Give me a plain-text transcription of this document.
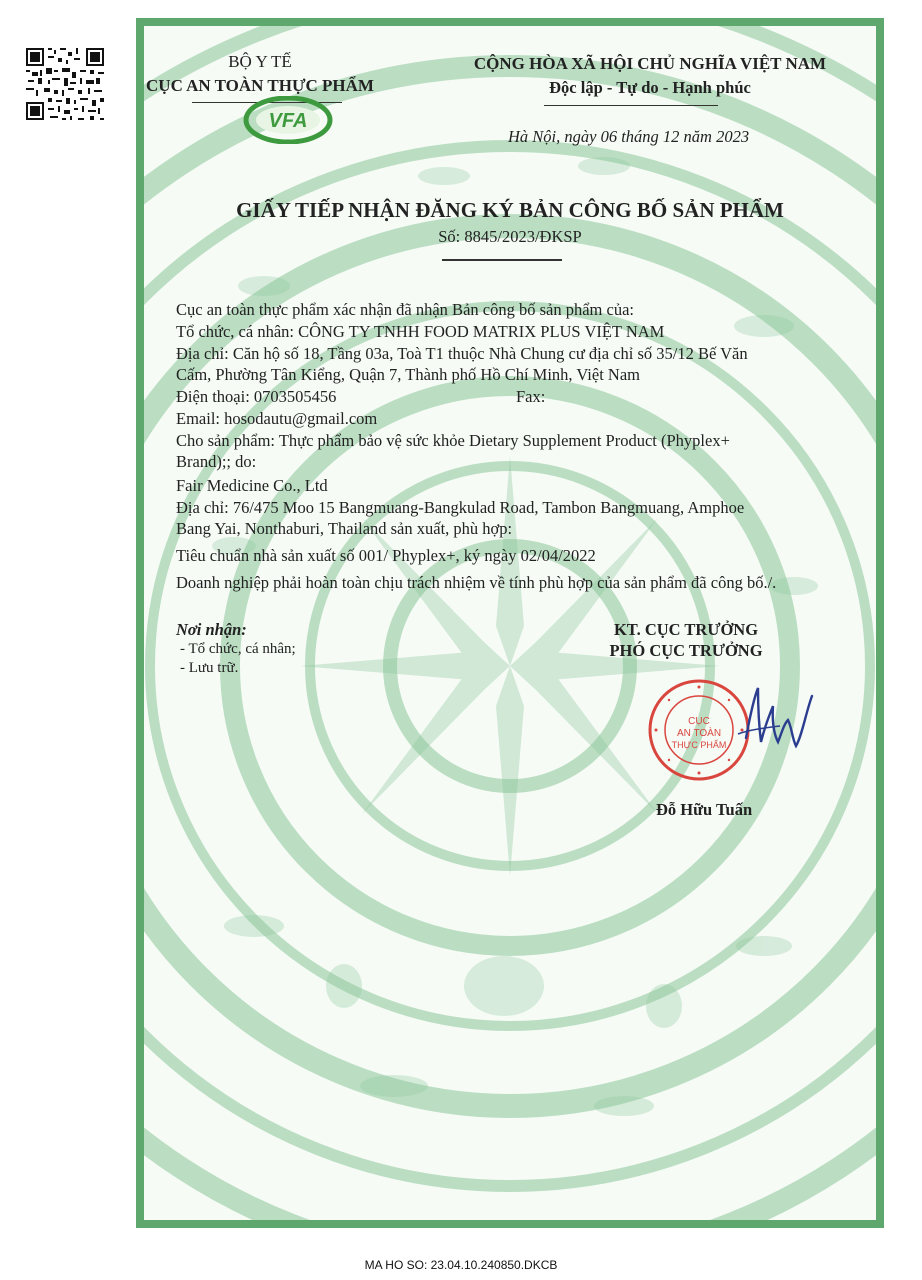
BỘ Y TẾ
CỤC AN TOÀN THỰC PHẨM
VFA
CỘNG HÒA XÃ HỘI CHỦ NGHĨA VIỆT NAM
Độc lập - Tự do - Hạnh phúc
Hà Nội, ngày 06 tháng 12 năm 2023
GIẤY TIẾP NHẬN ĐĂNG KÝ BẢN CÔNG BỐ SẢN PHẨM
Số: 8845/2023/ĐKSP
Cục an toàn thực phẩm xác nhận đã nhận Bản công bố sản phẩm của:
Tổ chức, cá nhân: CÔNG TY TNHH FOOD MATRIX PLUS VIỆT NAM
Địa chỉ: Căn hộ số 18, Tầng 03a, Toà T1 thuộc Nhà Chung cư địa chỉ số 35/12 Bế Văn
Cấm, Phường Tân Kiểng, Quận 7, Thành phố Hồ Chí Minh, Việt Nam
Điện thoại: 0703505456	Fax:
Email: hosodautu@gmail.com
Cho sản phẩm: Thực phẩm bảo vệ sức khỏe Dietary Supplement Product (Phyplex+
Brand);; do:
Fair Medicine Co., Ltd
Địa chỉ: 76/475 Moo 15 Bangmuang-Bangkulad Road, Tambon Bangmuang, Amphoe
Bang Yai, Nonthaburi, Thailand sản xuất, phù hợp:
Tiêu chuẩn nhà sản xuất số 001/ Phyplex+, ký ngày 02/04/2022
Doanh nghiệp phải hoàn toàn chịu trách nhiệm về tính phù hợp của sản phẩm đã công bố./.
Nơi nhận:
- Tổ chức, cá nhân;
- Lưu trữ.
KT. CỤC TRƯỞNG
PHÓ CỤC TRƯỞNG
CỤC
AN TOÀN
THỰC PHẨM
Đỗ Hữu Tuấn
MA HO SO: 23.04.10.240850.DKCB
